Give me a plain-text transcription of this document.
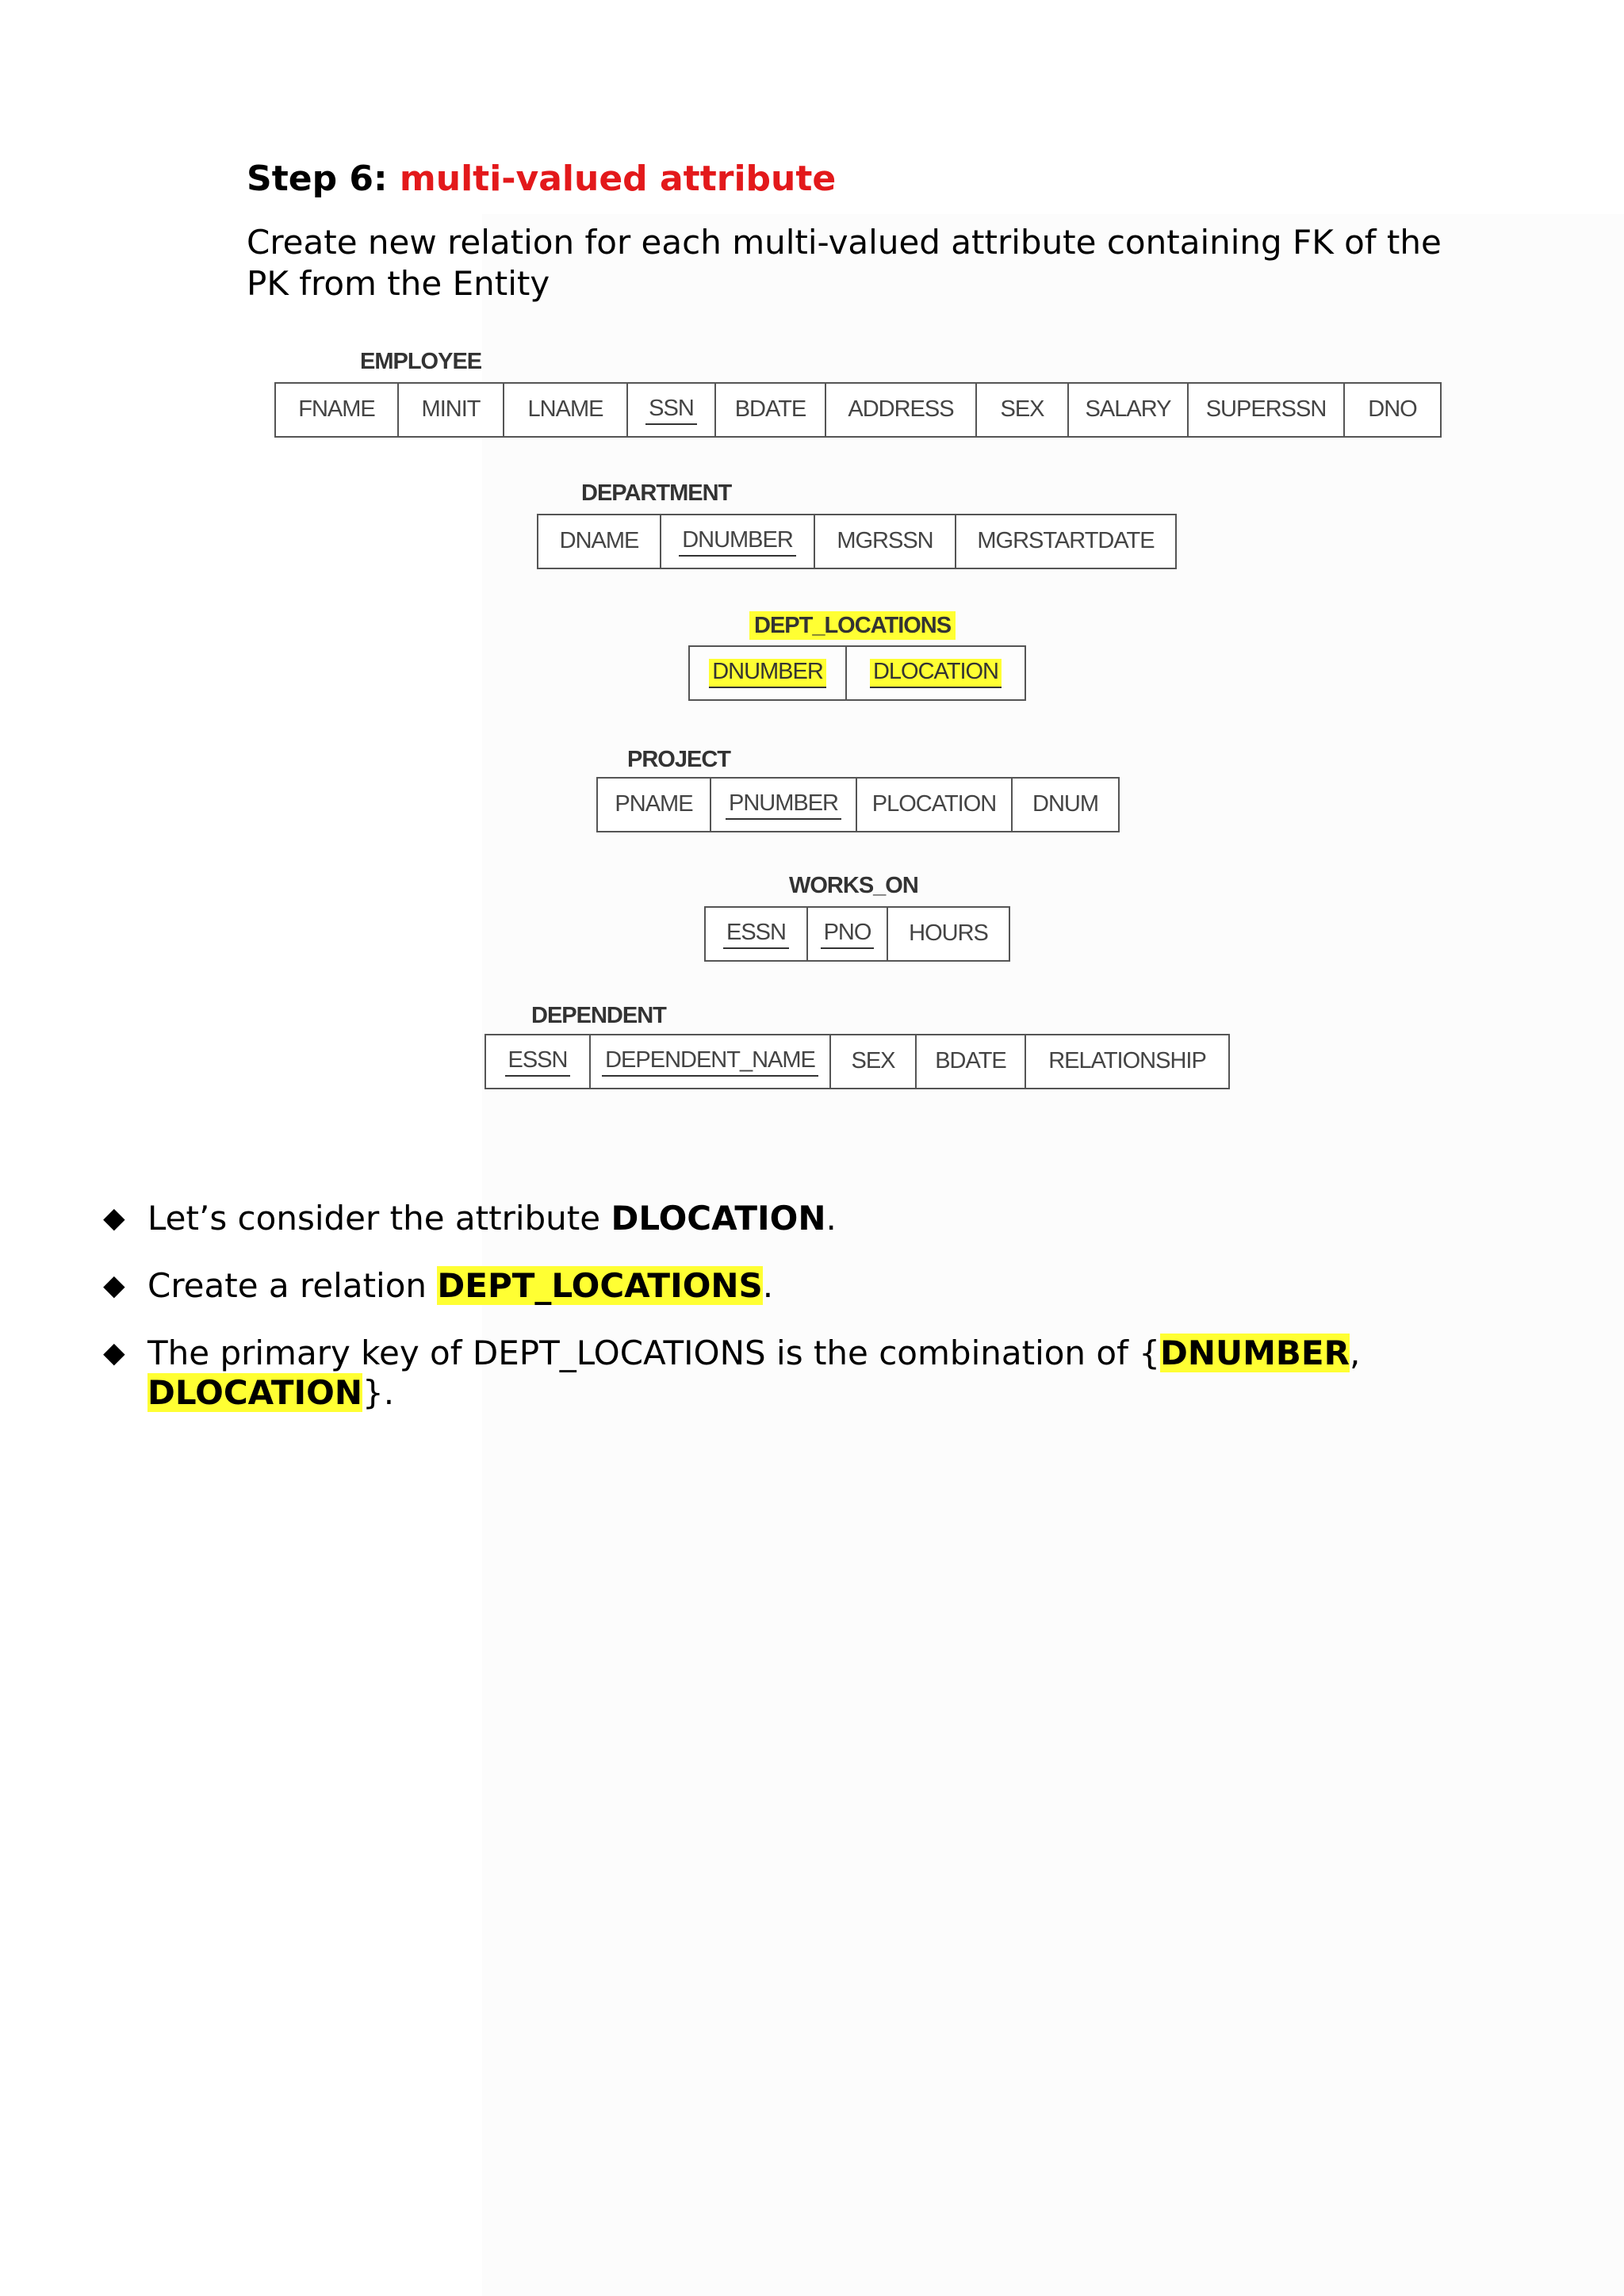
Step 6: multi-valued attribute

Create new relation for each multi-valued attribute containing FK of the PK from the Entity

EMPLOYEE
FNAME MINIT LNAME SSN BDATE ADDRESS SEX SALARY SUPERSSN DNO
DEPARTMENT
DNAME DNUMBER MGRSSN MGRSTARTDATE
DEPT_LOCATIONS
DNUMBER DLOCATION
PROJECT
PNAME PNUMBER PLOCATION DNUM
WORKS_ON
ESSN PNO HOURS
DEPENDENT
ESSN DEPENDENT_NAME SEX BDATE RELATIONSHIP
◆ Let’s consider the attribute DLOCATION.
◆ Create a relation DEPT_LOCATIONS.
◆ The primary key of DEPT_LOCATIONS is the combination of {DNUMBER, DLOCATION}.
